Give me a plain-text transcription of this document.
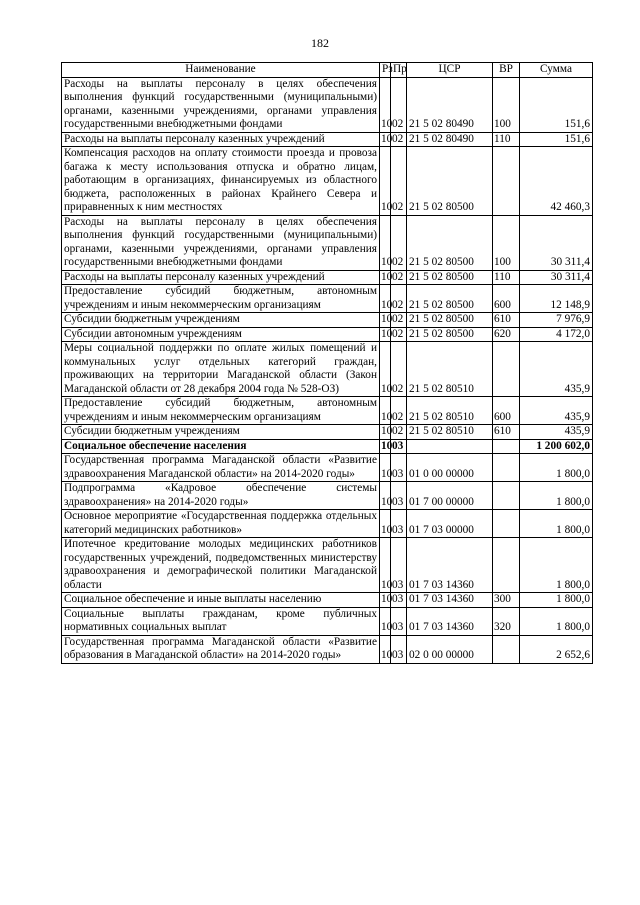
182
Наименование	Рз	Пр	ЦСР	ВР	Сумма
Расходы на выплаты персоналу в целях обеспечения выполнения функций государственными (муниципальными) органами, казенными учреждениями, органами управления государственными внебюджетными фондами	10	02	21 5 02 80490	100	151,6
Расходы на выплаты персоналу казенных учреждений	10	02	21 5 02 80490	110	151,6
Компенсация расходов на оплату стоимости проезда и провоза багажа к месту использования отпуска и обратно лицам, работающим в организациях, финансируемых из областного бюджета, расположенных в районах Крайнего Севера и приравненных к ним местностях	10	02	21 5 02 80500		42 460,3
Расходы на выплаты персоналу в целях обеспечения выполнения функций государственными (муниципальными) органами, казенными учреждениями, органами управления государственными внебюджетными фондами	10	02	21 5 02 80500	100	30 311,4
Расходы на выплаты персоналу казенных учреждений	10	02	21 5 02 80500	110	30 311,4
Предоставление субсидий бюджетным, автономным учреждениям и иным некоммерческим организациям	10	02	21 5 02 80500	600	12 148,9
Субсидии бюджетным учреждениям	10	02	21 5 02 80500	610	7 976,9
Субсидии автономным учреждениям	10	02	21 5 02 80500	620	4 172,0
Меры социальной поддержки по оплате жилых помещений и коммунальных услуг отдельных категорий граждан, проживающих на территории Магаданской области (Закон Магаданской области от 28 декабря 2004 года № 528-ОЗ)	10	02	21 5 02 80510		435,9
Предоставление субсидий бюджетным, автономным учреждениям и иным некоммерческим организациям	10	02	21 5 02 80510	600	435,9
Субсидии бюджетным учреждениям	10	02	21 5 02 80510	610	435,9
Социальное обеспечение населения	10	03			1 200 602,0
Государственная программа Магаданской области «Развитие здравоохранения Магаданской области» на 2014-2020 годы»	10	03	01 0 00 00000		1 800,0
Подпрограмма «Кадровое обеспечение системы здравоохранения» на 2014-2020 годы»	10	03	01 7 00 00000		1 800,0
Основное мероприятие «Государственная поддержка отдельных категорий медицинских работников»	10	03	01 7 03 00000		1 800,0
Ипотечное кредитование молодых медицинских работников государственных учреждений, подведомственных министерству здравоохранения и демографической политики Магаданской области	10	03	01 7 03 14360		1 800,0
Социальное обеспечение и иные выплаты населению	10	03	01 7 03 14360	300	1 800,0
Социальные выплаты гражданам, кроме публичных нормативных социальных выплат	10	03	01 7 03 14360	320	1 800,0
Государственная программа Магаданской области «Развитие образования в Магаданской области» на 2014-2020 годы»	10	03	02 0 00 00000		2 652,6
